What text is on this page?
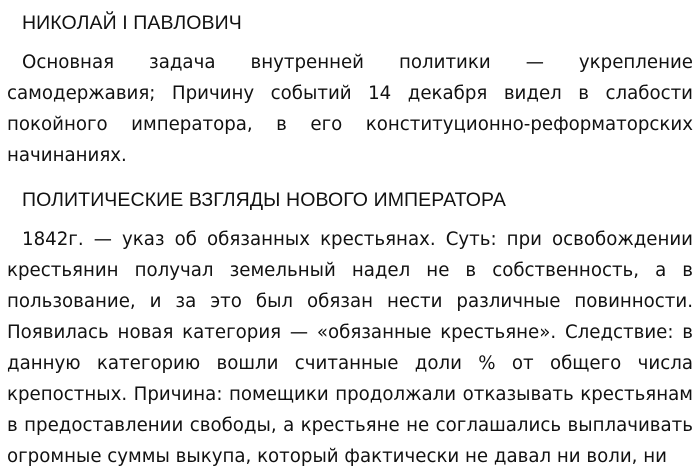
НИКОЛАЙ I ПАВЛОВИЧ

Основная задача внутренней политики — укрепление самодержавия; Причину событий 14 декабря видел в слабости покойного императора, в его конституционно-реформаторских начинаниях.

ПОЛИТИЧЕСКИЕ ВЗГЛЯДЫ НОВОГО ИМПЕРАТОРА

1842г. — указ об обязанных крестьянах. Суть: при освобождении крестьянин получал земельный надел не в собственность, а в пользование, и за это был обязан нести различные повинности. Появилась новая категория — «обязанные крестьяне». Следствие: в данную категорию вошли считанные доли % от общего числа крепостных. Причина: помещики продолжали отказывать крестьянам в предоставлении свободы, а крестьяне не соглашались выплачивать огромные суммы выкупа, который фактически не давал ни воли, ни
